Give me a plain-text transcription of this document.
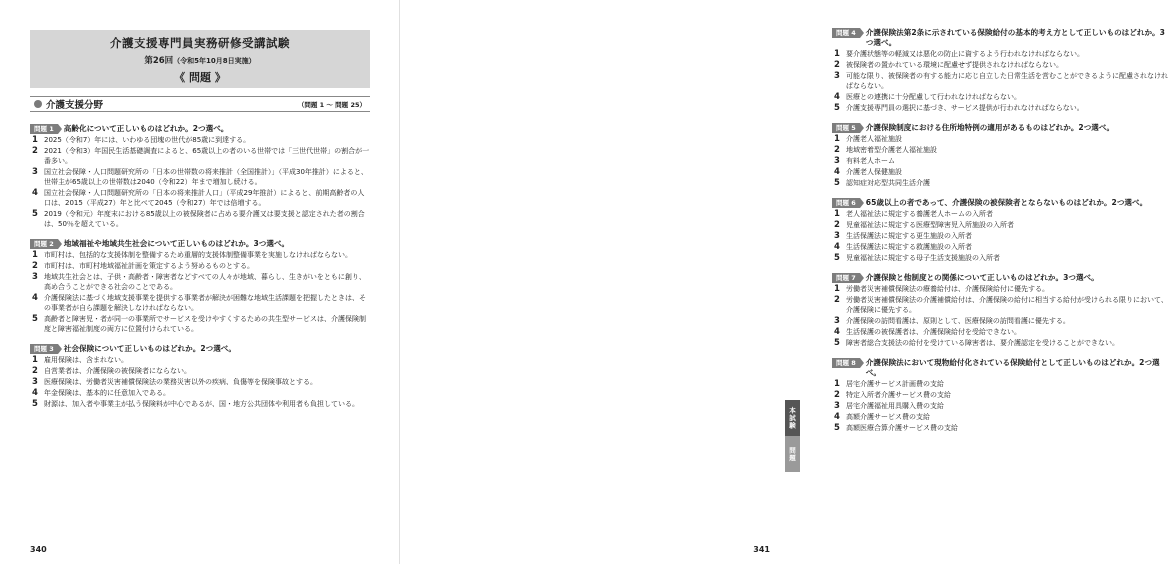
介護支援専門員実務研修受講試験
第26回（令和5年10月8日実施）
《 問題 》
介護支援分野	（問題 1 ～ 問題 25）
問題 1	高齢化について正しいものはどれか。2つ選べ。
1 2025（令和7）年には、いわゆる団塊の世代が85歳に到達する。
2 2021（令和3）年国民生活基礎調査によると、65歳以上の者のいる世帯では「三世代世帯」の割合が一番多い。
3 国立社会保障・人口問題研究所の「日本の世帯数の将来推計（全国推計）」（平成30年推計）によると、世帯主が65歳以上の世帯数は2040（令和22）年まで増加し続ける。
4 国立社会保障・人口問題研究所の「日本の将来推計人口」（平成29年推計）によると、前期高齢者の人口は、2015（平成27）年と比べて2045（令和27）年では倍増する。
5 2019（令和元）年度末における85歳以上の被保険者に占める要介護又は要支援と認定された者の割合は、50％を超えている。
問題 2	地域福祉や地域共生社会について正しいものはどれか。3つ選べ。
1 市町村は、包括的な支援体制を整備するため重層的支援体制整備事業を実施しなければならない。
2 市町村は、市町村地域福祉計画を策定するよう努めるものとする。
3 地域共生社会とは、子供・高齢者・障害者などすべての人々が地域、暮らし、生きがいをともに創り、高め合うことができる社会のことである。
4 介護保険法に基づく地域支援事業を提供する事業者が解決が困難な地域生活課題を把握したときは、その事業者が自ら課題を解決しなければならない。
5 高齢者と障害児・者が同一の事業所でサービスを受けやすくするための共生型サービスは、介護保険制度と障害福祉制度の両方に位置付けられている。
問題 3	社会保険について正しいものはどれか。2つ選べ。
1 雇用保険は、含まれない。
2 自営業者は、介護保険の被保険者にならない。
3 医療保険は、労働者災害補償保険法の業務災害以外の疾病、負傷等を保険事故とする。
4 年金保険は、基本的に任意加入である。
5 財源は、加入者や事業主が払う保険料が中心であるが、国・地方公共団体や利用者も負担している。
340
問題 4	介護保険法第2条に示されている保険給付の基本的考え方として正しいものはどれか。3つ選べ。
1 要介護状態等の軽減又は悪化の防止に資するよう行われなければならない。
2 被保険者の置かれている環境に配慮せず提供されなければならない。
3 可能な限り、被保険者の有する能力に応じ自立した日常生活を営むことができるように配慮されなければならない。
4 医療との連携に十分配慮して行われなければならない。
5 介護支援専門員の選択に基づき、サービス提供が行われなければならない。
問題 5	介護保険制度における住所地特例の適用があるものはどれか。2つ選べ。
1 介護老人福祉施設
2 地域密着型介護老人福祉施設
3 有料老人ホーム
4 介護老人保健施設
5 認知症対応型共同生活介護
問題 6	65歳以上の者であって、介護保険の被保険者とならないものはどれか。2つ選べ。
1 老人福祉法に規定する養護老人ホームの入所者
2 児童福祉法に規定する医療型障害児入所施設の入所者
3 生活保護法に規定する更生施設の入所者
4 生活保護法に規定する救護施設の入所者
5 児童福祉法に規定する母子生活支援施設の入所者
問題 7	介護保険と他制度との関係について正しいものはどれか。3つ選べ。
1 労働者災害補償保険法の療養給付は、介護保険給付に優先する。
2 労働者災害補償保険法の介護補償給付は、介護保険の給付に相当する給付が受けられる限りにおいて、介護保険に優先する。
3 介護保険の訪問看護は、原則として、医療保険の訪問看護に優先する。
4 生活保護の被保護者は、介護保険給付を受給できない。
5 障害者総合支援法の給付を受けている障害者は、要介護認定を受けることができない。
問題 8	介護保険法において現物給付化されている保険給付として正しいものはどれか。2つ選べ。
1 居宅介護サービス計画費の支給
2 特定入所者介護サービス費の支給
3 居宅介護福祉用具購入費の支給
4 高額介護サービス費の支給
5 高額医療合算介護サービス費の支給
本試験
問題
341
